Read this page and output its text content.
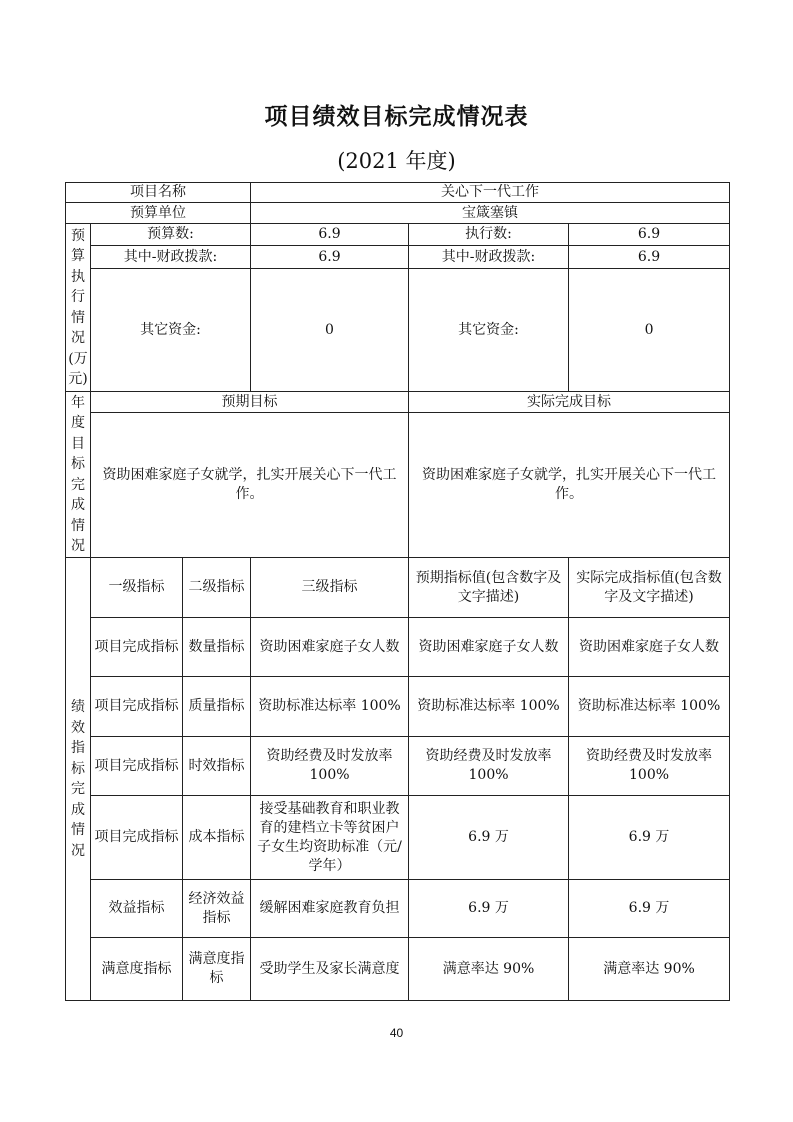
项目绩效目标完成情况表
(2021 年度)
项目名称			关心下一代工作		
预算单位			宝箴塞镇		
预算执行情况(万元)	预算数:		6.9	执行数:	6.9
	其中-财政拨款:		6.9	其中-财政拨款:	6.9
	其它资金:		0	其它资金:	0

年度目标完成情况	预期目标			实际完成目标	
	资助困难家庭子女就学，扎实开展关心下一代工作。			资助困难家庭子女就学，扎实开展关心下一代工作。	
绩效指标完成情况	一级指标	二级指标	三级指标	预期指标值(包含数字及文字描述)	实际完成指标值(包含数字及文字描述)
	项目完成指标	数量指标	资助困难家庭子女人数	资助困难家庭子女人数	资助困难家庭子女人数
	项目完成指标	质量指标	资助标准达标率 100%	资助标准达标率 100%	资助标准达标率 100%
	项目完成指标	时效指标	资助经费及时发放率 100%	资助经费及时发放率 100%	资助经费及时发放率 100%
	项目完成指标	成本指标	接受基础教育和职业教育的建档立卡等贫困户子女生均资助标准（元/学年）	6.9 万	6.9 万
	效益指标	经济效益指标	缓解困难家庭教育负担	6.9 万	6.9 万
	满意度指标	满意度指标	受助学生及家长满意度	满意率达 90%	满意率达 90%
40
